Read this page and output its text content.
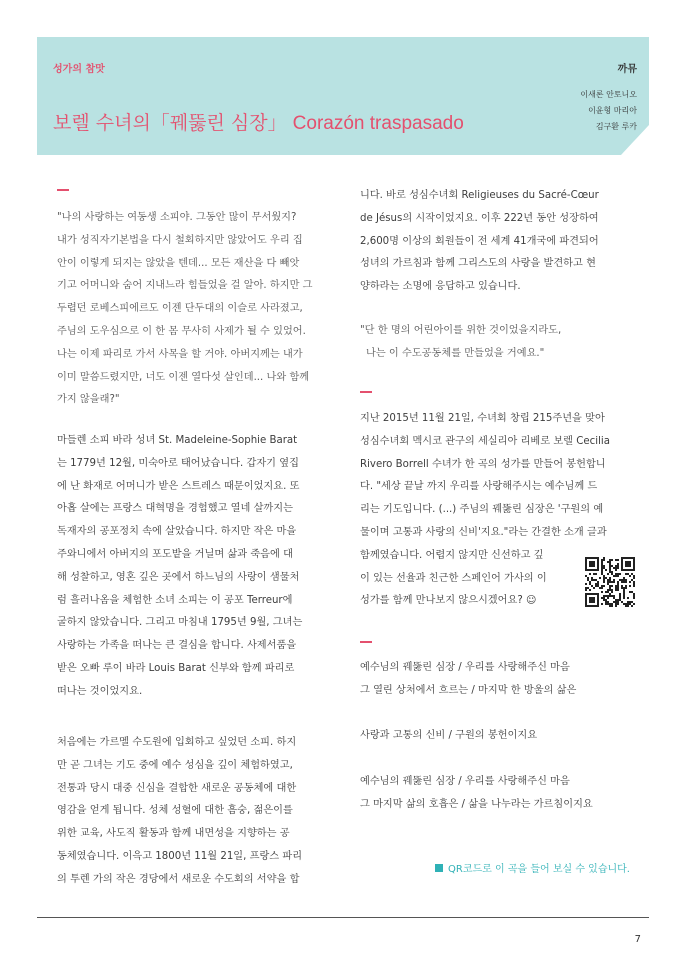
성가의 참맛	까뮤
보렐 수녀의「꿰뚫린 심장」 Corazón traspasado
이새론 안토니오
이윤형 마리아
김구환 루카

"나의 사랑하는 여동생 소피야. 그동안 많이 무서웠지?

내가 성직자기본법을 다시 철회하지만 않았어도 우리 집

안이 이렇게 되지는 않았을 텐데... 모든 재산을 다 빼앗

기고 어머니와 숨어 지내느라 힘들었을 걸 알아. 하지만 그

두렵던 로베스피에르도 이젠 단두대의 이슬로 사라졌고,

주님의 도우심으로 이 한 몸 무사히 사제가 될 수 있었어.

나는 이제 파리로 가서 사목을 할 거야. 아버지께는 내가

이미 말씀드렸지만, 너도 이젠 열다섯 살인데... 나와 함께

가지 않을래?"

마들렌 소피 바라 성녀 St. Madeleine-Sophie Barat

는 1779년 12월, 미숙아로 태어났습니다. 갑자기 옆집

에 난 화재로 어머니가 받은 스트레스 때문이었지요. 또

아홉 살에는 프랑스 대혁명을 경험했고 열네 살까지는

독재자의 공포정치 속에 살았습니다. 하지만 작은 마을

주와니에서 아버지의 포도밭을 거닐며 삶과 죽음에 대

해 성찰하고, 영혼 깊은 곳에서 하느님의 사랑이 샘물처

럼 흘러나옴을 체험한 소녀 소피는 이 공포 Terreur에

굴하지 않았습니다. 그리고 마침내 1795년 9월, 그녀는

사랑하는 가족을 떠나는 큰 결심을 합니다. 사제서품을

받은 오빠 루이 바라 Louis Barat 신부와 함께 파리로

떠나는 것이었지요.

처음에는 가르멜 수도원에 입회하고 싶었던 소피. 하지

만 곧 그녀는 기도 중에 예수 성심을 깊이 체험하였고,

전통과 당시 대중 신심을 결합한 새로운 공동체에 대한

영감을 얻게 됩니다. 성체 성혈에 대한 흠숭, 젊은이를

위한 교육, 사도직 활동과 함께 내면성을 지향하는 공

동체였습니다. 이윽고 1800년 11월 21일, 프랑스 파리

의 투렌 가의 작은 경당에서 새로운 수도회의 서약을 합

니다. 바로 성심수녀회 Religieuses du Sacré-Cœur

de Jésus의 시작이었지요. 이후 222년 동안 성장하여

2,600명 이상의 회원들이 전 세계 41개국에 파견되어

성녀의 가르침과 함께 그리스도의 사랑을 발견하고 현

양하라는 소명에 응답하고 있습니다.

"단 한 명의 어린아이를 위한 것이었을지라도,

나는 이 수도공동체를 만들었을 거예요."

지난 2015년 11월 21일, 수녀회 창립 215주년을 맞아

성심수녀회 멕시코 관구의 세실리아 리베로 보렐 Cecilia

Rivero Borrell 수녀가 한 곡의 성가를 만들어 봉헌합니

다. "세상 끝날 까지 우리를 사랑해주시는 예수님께 드

리는 기도입니다. (...) 주님의 꿰뚫린 심장은 '구원의 예

물이며 고통과 사랑의 신비'지요."라는 간결한 소개 글과

함께였습니다. 어렵지 않지만 신선하고 깊

이 있는 선율과 친근한 스페인어 가사의 이

성가를 함께 만나보지 않으시겠어요? ☺

예수님의 꿰뚫린 심장 / 우리를 사랑해주신 마음

그 열린 상처에서 흐르는 / 마지막 한 방울의 삶은

사랑과 고통의 신비 / 구원의 봉헌이지요

예수님의 꿰뚫린 심장 / 우리를 사랑해주신 마음

그 마지막 삶의 호흡은 / 삶을 나누라는 가르침이지요

QR코드로 이 곡을 들어 보실 수 있습니다.
7
